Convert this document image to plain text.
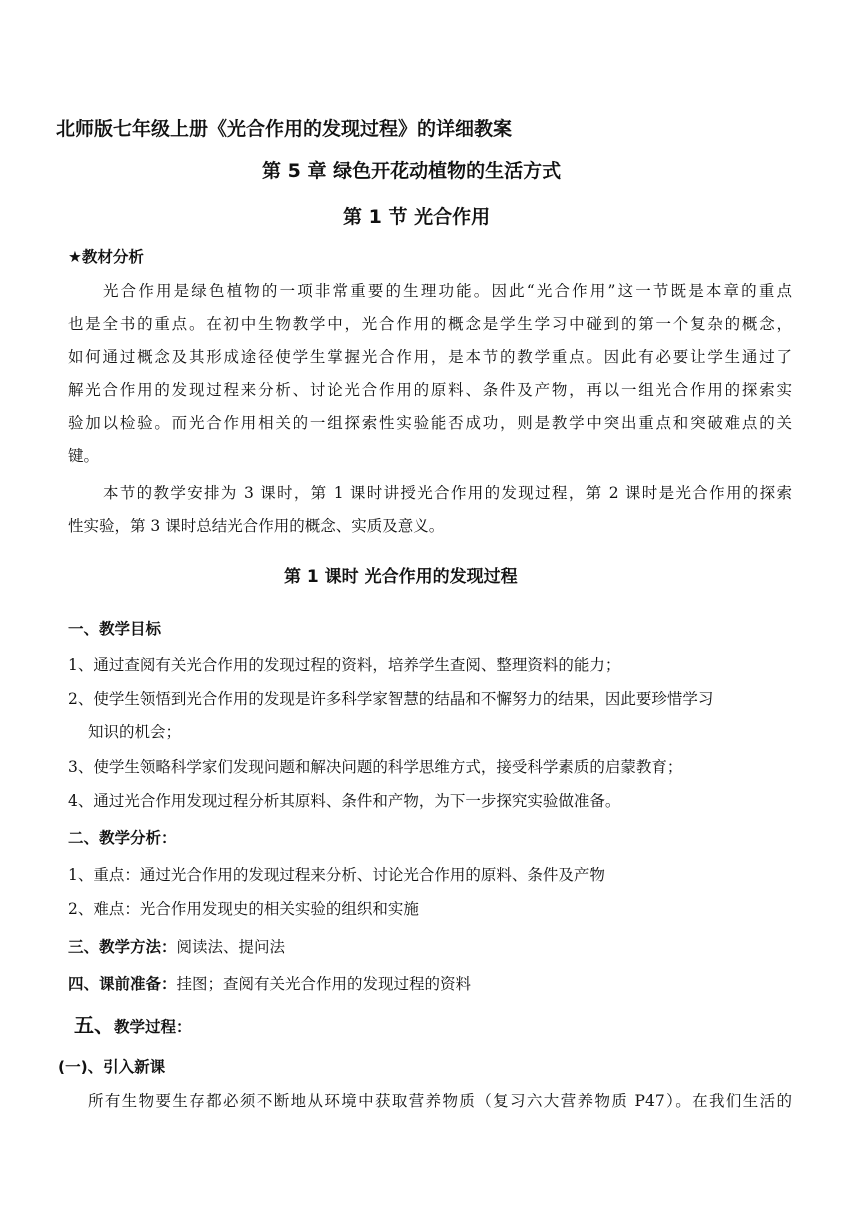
北师版七年级上册《光合作用的发现过程》的详细教案
第 5 章 绿色开花动植物的生活方式
第 1 节 光合作用
★教材分析
光合作用是绿色植物的一项非常重要的生理功能。因此“光合作用”这一节既是本章的重点
也是全书的重点。在初中生物教学中，光合作用的概念是学生学习中碰到的第一个复杂的概念，
如何通过概念及其形成途径使学生掌握光合作用，是本节的教学重点。因此有必要让学生通过了
解光合作用的发现过程来分析、讨论光合作用的原料、条件及产物，再以一组光合作用的探索实
验加以检验。而光合作用相关的一组探索性实验能否成功，则是教学中突出重点和突破难点的关
键。
本节的教学安排为 3 课时，第 1 课时讲授光合作用的发现过程，第 2 课时是光合作用的探索
性实验，第 3 课时总结光合作用的概念、实质及意义。
第 1 课时 光合作用的发现过程
一、教学目标
1、通过查阅有关光合作用的发现过程的资料，培养学生查阅、整理资料的能力；
2、使学生领悟到光合作用的发现是许多科学家智慧的结晶和不懈努力的结果，因此要珍惜学习
知识的机会；
3、使学生领略科学家们发现问题和解决问题的科学思维方式，接受科学素质的启蒙教育；
4、通过光合作用发现过程分析其原料、条件和产物，为下一步探究实验做准备。
二、教学分析：
1、重点：通过光合作用的发现过程来分析、讨论光合作用的原料、条件及产物
2、难点：光合作用发现史的相关实验的组织和实施
三、教学方法：阅读法、提问法
四、课前准备：挂图；查阅有关光合作用的发现过程的资料
五、教学过程：
(一)、引入新课
所有生物要生存都必须不断地从环境中获取营养物质（复习六大营养物质 P47）。在我们生活的
